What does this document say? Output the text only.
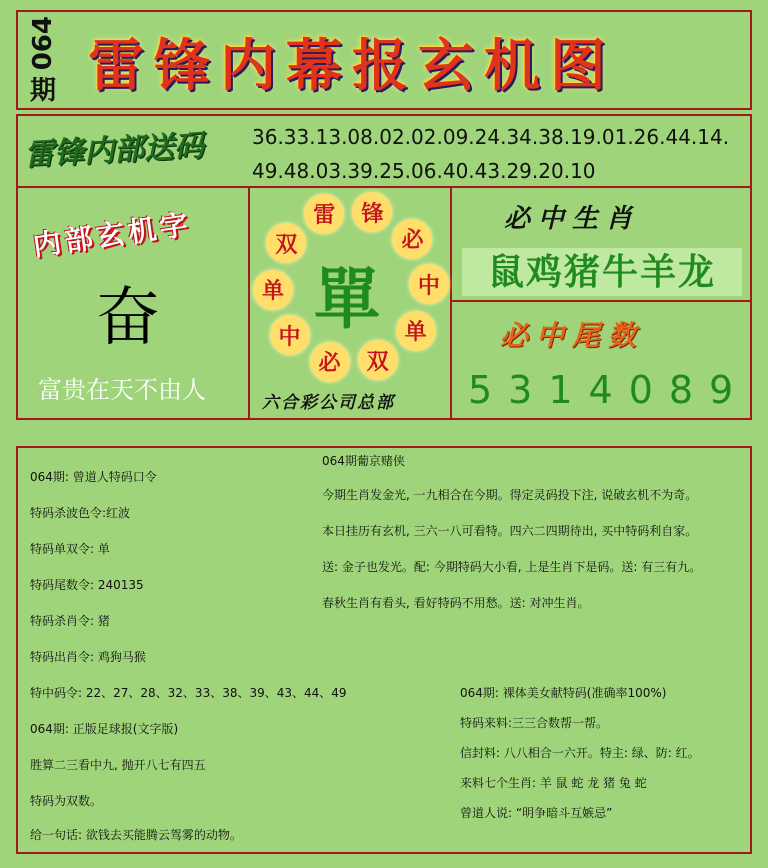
064
期 雷锋内幕报玄机图
雷锋内部送码	36.33.13.08.02.02.09.24.34.38.19.01.26.44.14.
49.48.03.39.25.06.40.43.29.20.10
内部玄机字
奋
富贵在天不由人
雷	锋
必
中
单
双
必
中
单
双
單
六合彩公司总部
必中生肖
鼠鸡猪牛羊龙
必中尾数
5314089
064期: 曾道人特码口令
特码杀波色令:红波
特码单双令: 单
特码尾数令: 240135
特码杀肖令: 猪
特码出肖令: 鸡狗马猴
特中码令: 22、27、28、32、33、38、39、43、44、49
064期: 正版足球报(文字版)
胜算二三看中九, 抛开八七有四五
特码为双数。
给一句话: 欲钱去买能腾云驾雾的动物。
064期葡京赌侠
今期生肖发金光, 一九相合在今期。得定灵码投下注, 说破玄机不为奇。
本日挂历有玄机, 三六一八可看特。四六二四期待出, 买中特码利自家。
送: 金子也发光。配: 今期特码大小看, 上是生肖下是码。送: 有三有九。
春秋生肖有看头, 看好特码不用愁。送: 对冲生肖。
064期: 裸体美女献特码(准确率100%)
特码来料:三三合数帮一帮。
信封料: 八八相合一六开。特主: 绿、防: 红。
来料七个生肖: 羊 鼠 蛇 龙 猪 兔 蛇
曾道人说: “明争暗斗互嫉忌”
